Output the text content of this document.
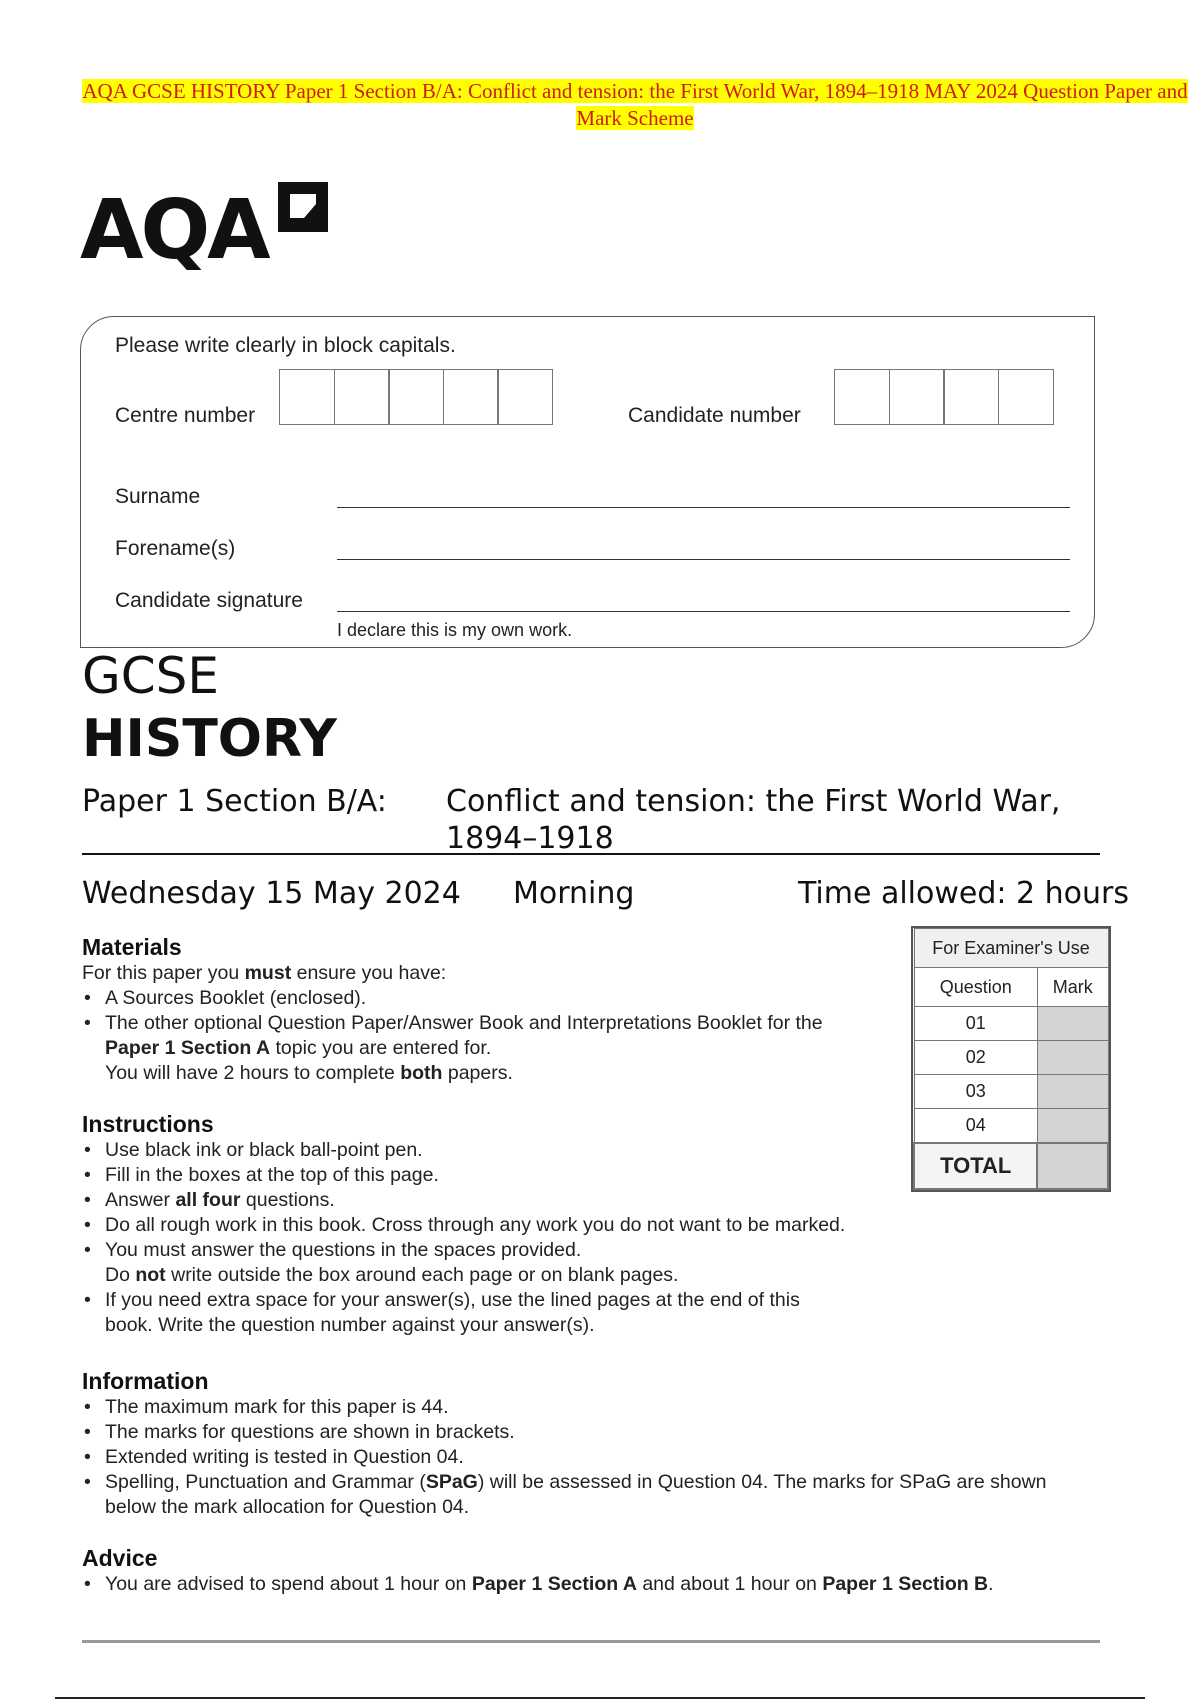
AQA GCSE HISTORY Paper 1 Section B/A: Conflict and tension: the First World War, 1894–1918 MAY 2024 Question Paper and Mark Scheme
AQA
Please write clearly in block capitals.
Centre number	Candidate number
Surname
Forename(s)
Candidate signature
I declare this is my own work.
GCSE
HISTORY
Paper 1 Section B/A: Conflict and tension: the First World War,
1894–1918
Wednesday 15 May 2024 Morning	Time allowed: 2 hours
Materials
For this paper you must ensure you have:
• A Sources Booklet (enclosed).
• The other optional Question Paper/Answer Book and Interpretations Booklet for the Paper 1 Section A topic you are entered for.
You will have 2 hours to complete both papers.
Instructions
• Use black ink or black ball-point pen.
• Fill in the boxes at the top of this page.
• Answer all four questions.
• Do all rough work in this book. Cross through any work you do not want to be marked.
• You must answer the questions in the spaces provided.
Do not write outside the box around each page or on blank pages.
• If you need extra space for your answer(s), use the lined pages at the end of this book. Write the question number against your answer(s).
Information
• The maximum mark for this paper is 44.
• The marks for questions are shown in brackets.
• Extended writing is tested in Question 04.
• Spelling, Punctuation and Grammar (SPaG) will be assessed in Question 04. The marks for SPaG are shown below the mark allocation for Question 04.
Advice
• You are advised to spend about 1 hour on Paper 1 Section A and about 1 hour on Paper 1 Section B.
For Examiner's Use	
Question	Mark
01	
02	
03	
04	
TOTAL	
